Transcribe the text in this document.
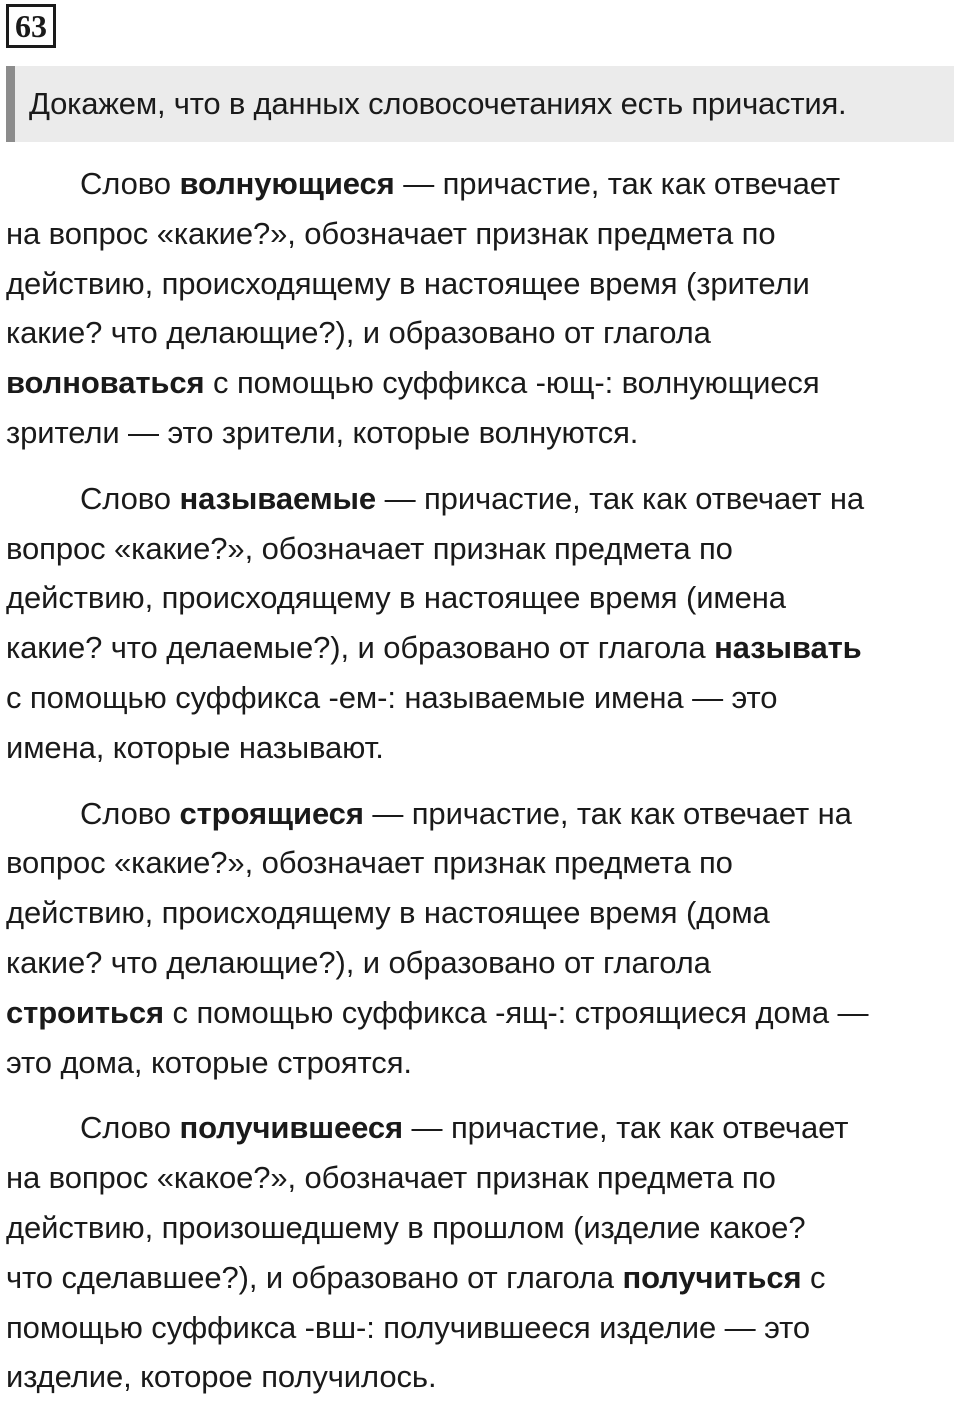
63
Докажем, что в данных словосочетаниях есть причастия.
Слово волнующиеся — причастие, так как отвечает
на вопрос «какие?», обозначает признак предмета по
действию, происходящему в настоящее время (зрители
какие? что делающие?), и образовано от глагола
волноваться с помощью суффикса -ющ-: волнующиеся
зрители — это зрители, которые волнуются.
Слово называемые — причастие, так как отвечает на
вопрос «какие?», обозначает признак предмета по
действию, происходящему в настоящее время (имена
какие? что делаемые?), и образовано от глагола называть
с помощью суффикса -ем-: называемые имена — это
имена, которые называют.
Слово строящиеся — причастие, так как отвечает на
вопрос «какие?», обозначает признак предмета по
действию, происходящему в настоящее время (дома
какие? что делающие?), и образовано от глагола
строиться с помощью суффикса -ящ-: строящиеся дома —
это дома, которые строятся.
Слово получившееся — причастие, так как отвечает
на вопрос «какое?», обозначает признак предмета по
действию, произошедшему в прошлом (изделие какое?
что сделавшее?), и образовано от глагола получиться с
помощью суффикса -вш-: получившееся изделие — это
изделие, которое получилось.
